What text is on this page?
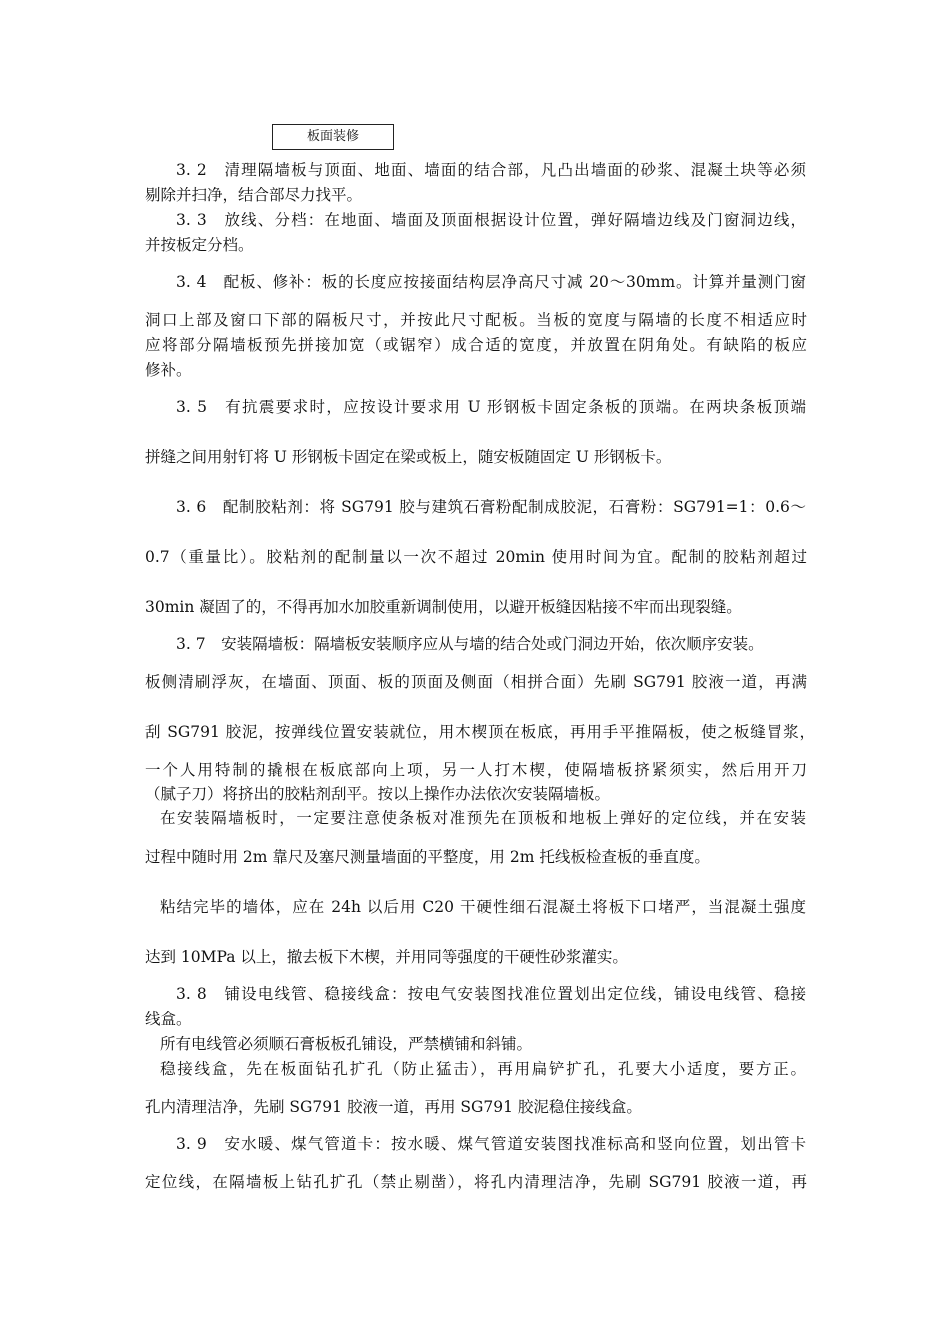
板面装修
3. 2　清理隔墙板与顶面、地面、墙面的结合部，凡凸出墙面的砂浆、混凝土块等必须
剔除并扫净，结合部尽力找平。
3. 3　放线、分档：在地面、墙面及顶面根据设计位置，弹好隔墙边线及门窗洞边线，
并按板定分档。
3. 4　配板、修补：板的长度应按接面结构层净高尺寸减 20～30mm。计算并量测门窗
洞口上部及窗口下部的隔板尺寸，并按此尺寸配板。当板的宽度与隔墙的长度不相适应时
应将部分隔墙板预先拼接加宽（或锯窄）成合适的宽度，并放置在阴角处。有缺陷的板应
修补。
3. 5　有抗震要求时，应按设计要求用 U 形钢板卡固定条板的顶端。在两块条板顶端
拼缝之间用射钉将 U 形钢板卡固定在梁或板上，随安板随固定 U 形钢板卡。
3. 6　配制胶粘剂：将 SG791 胶与建筑石膏粉配制成胶泥，石膏粉：SG791=1：0.6～
0.7（重量比）。胶粘剂的配制量以一次不超过 20min 使用时间为宜。配制的胶粘剂超过
30min 凝固了的，不得再加水加胶重新调制使用，以避开板缝因粘接不牢而出现裂缝。
3. 7　安装隔墙板：隔墙板安装顺序应从与墙的结合处或门洞边开始，依次顺序安装。
板侧清刷浮灰，在墙面、顶面、板的顶面及侧面（相拼合面）先刷 SG791 胶液一道，再满
刮 SG791 胶泥，按弹线位置安装就位，用木楔顶在板底，再用手平推隔板，使之板缝冒浆，
一个人用特制的撬根在板底部向上项，另一人打木楔，使隔墙板挤紧须实，然后用开刀
（腻子刀）将挤出的胶粘剂刮平。按以上操作办法依次安装隔墙板。
在安装隔墙板时，一定要注意使条板对准预先在顶板和地板上弹好的定位线，并在安装
过程中随时用 2m 靠尺及塞尺测量墙面的平整度，用 2m 托线板检查板的垂直度。
粘结完毕的墙体，应在 24h 以后用 C20 干硬性细石混凝土将板下口堵严，当混凝土强度
达到 10MPa 以上，撤去板下木楔，并用同等强度的干硬性砂浆灌实。
3. 8　铺设电线管、稳接线盒：按电气安装图找准位置划出定位线，铺设电线管、稳接
线盒。
所有电线管必须顺石膏板板孔铺设，严禁横铺和斜铺。
稳接线盒，先在板面钻孔扩孔（防止猛击），再用扁铲扩孔，孔要大小适度，要方正。
孔内清理洁净，先刷 SG791 胶液一道，再用 SG791 胶泥稳住接线盒。
3. 9　安水暖、煤气管道卡：按水暖、煤气管道安装图找准标高和竖向位置，划出管卡
定位线，在隔墙板上钻孔扩孔（禁止剔凿），将孔内清理洁净，先刷 SG791 胶液一道，再
